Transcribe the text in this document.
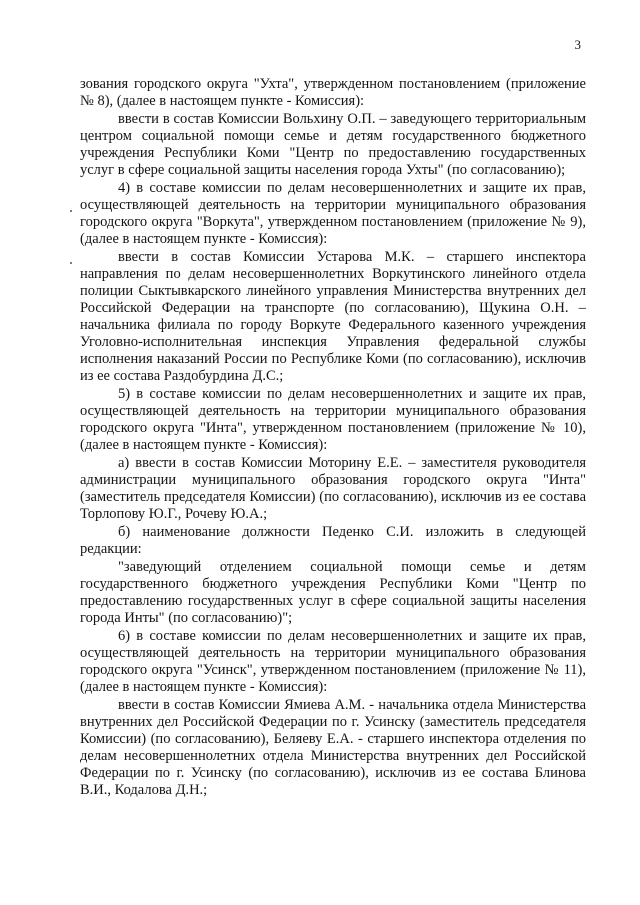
3

зования городского округа "Ухта", утвержденном постановлением (приложение № 8), (далее в настоящем пункте - Комиссия):

ввести в состав Комиссии Вольхину О.П. – заведующего территориальным центром социальной помощи семье и детям государственного бюджетного учреждения Республики Коми "Центр по предоставлению государственных услуг в сфере социальной защиты населения города Ухты" (по согласованию);

4) в составе комиссии по делам несовершеннолетних и защите их прав, осуществляющей деятельность на территории муниципального образования городского округа "Воркута", утвержденном постановлением (приложение № 9), (далее в настоящем пункте - Комиссия):

ввести в состав Комиссии Устарова М.К. – старшего инспектора направления по делам несовершеннолетних Воркутинского линейного отдела полиции Сыктывкарского линейного управления Министерства внутренних дел Российской Федерации на транспорте (по согласованию), Щукина О.Н. – начальника филиала по городу Воркуте Федерального казенного учреждения Уголовно-исполнительная инспекция Управления федеральной службы исполнения наказаний России по Республике Коми (по согласованию), исключив из ее состава Раздобурдина Д.С.;

5) в составе комиссии по делам несовершеннолетних и защите их прав, осуществляющей деятельность на территории муниципального образования городского округа "Инта", утвержденном постановлением (приложение № 10), (далее в настоящем пункте - Комиссия):

а) ввести в состав Комиссии Моторину Е.Е. – заместителя руководителя администрации муниципального образования городского округа "Инта" (заместитель председателя Комиссии) (по согласованию), исключив из ее состава Торлопову Ю.Г., Рочеву Ю.А.;

б) наименование должности Педенко С.И. изложить в следующей редакции:

"заведующий отделением социальной помощи семье и детям государственного бюджетного учреждения Республики Коми "Центр по предоставлению государственных услуг в сфере социальной защиты населения города Инты" (по согласованию)";

6) в составе комиссии по делам несовершеннолетних и защите их прав, осуществляющей деятельность на территории муниципального образования городского округа "Усинск", утвержденном постановлением (приложение № 11), (далее в настоящем пункте - Комиссия):

ввести в состав Комиссии Ямиева А.М. - начальника отдела Министерства внутренних дел Российской Федерации по г. Усинску (заместитель председателя Комиссии) (по согласованию), Беляеву Е.А. - старшего инспектора отделения по делам несовершеннолетних отдела Министерства внутренних дел Российской Федерации по г. Усинску (по согласованию), исключив из ее состава Блинова В.И., Кодалова Д.Н.;
